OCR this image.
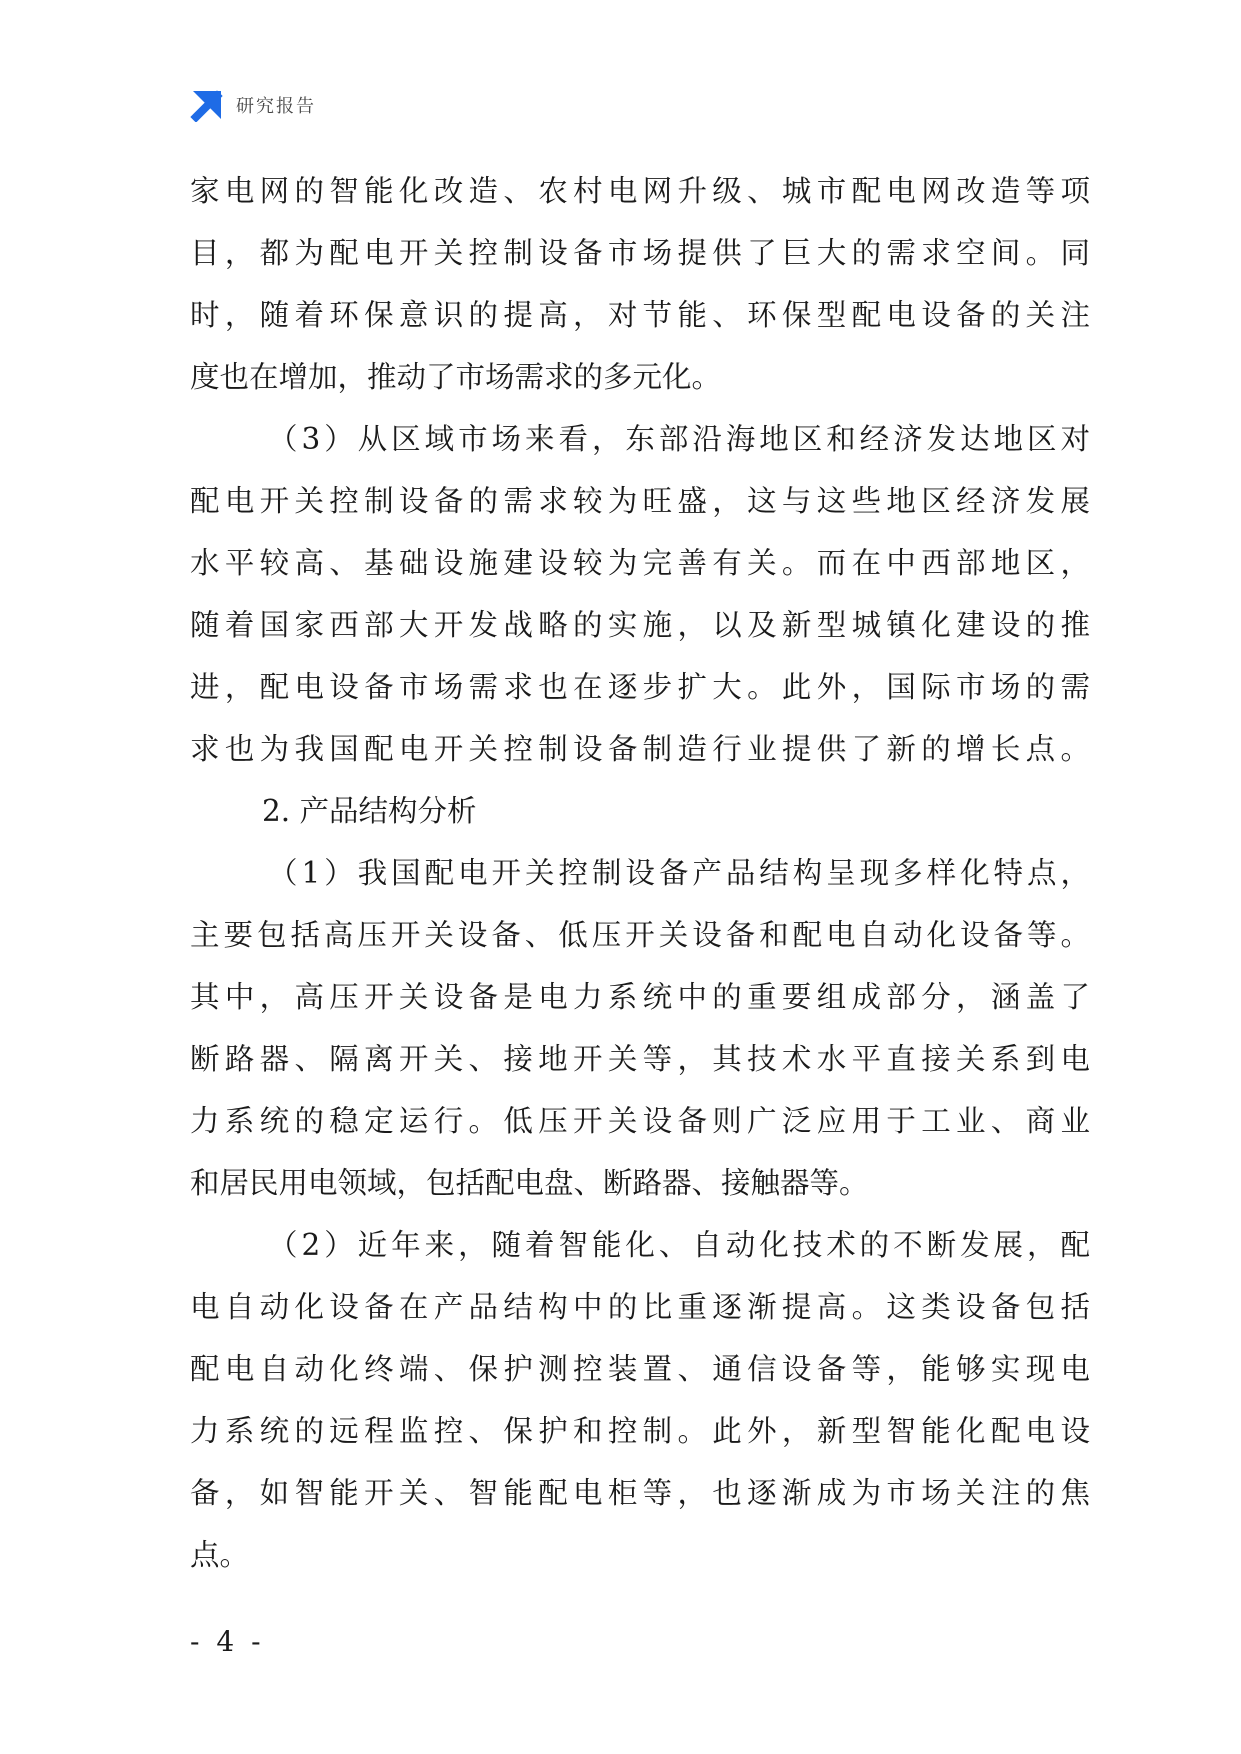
研究报告
家电网的智能化改造、农村电网升级、城市配电网改造等项
目，都为配电开关控制设备市场提供了巨大的需求空间。同
时，随着环保意识的提高，对节能、环保型配电设备的关注
度也在增加，推动了市场需求的多元化。
（3）从区域市场来看，东部沿海地区和经济发达地区对
配电开关控制设备的需求较为旺盛，这与这些地区经济发展
水平较高、基础设施建设较为完善有关。而在中西部地区，
随着国家西部大开发战略的实施，以及新型城镇化建设的推
进，配电设备市场需求也在逐步扩大。此外，国际市场的需
求也为我国配电开关控制设备制造行业提供了新的增长点。
2. 产品结构分析
（1）我国配电开关控制设备产品结构呈现多样化特点，
主要包括高压开关设备、低压开关设备和配电自动化设备等。
其中，高压开关设备是电力系统中的重要组成部分，涵盖了
断路器、隔离开关、接地开关等，其技术水平直接关系到电
力系统的稳定运行。低压开关设备则广泛应用于工业、商业
和居民用电领域，包括配电盘、断路器、接触器等。
（2）近年来，随着智能化、自动化技术的不断发展，配
电自动化设备在产品结构中的比重逐渐提高。这类设备包括
配电自动化终端、保护测控装置、通信设备等，能够实现电
力系统的远程监控、保护和控制。此外，新型智能化配电设
备，如智能开关、智能配电柜等，也逐渐成为市场关注的焦
点。
- 4 -
